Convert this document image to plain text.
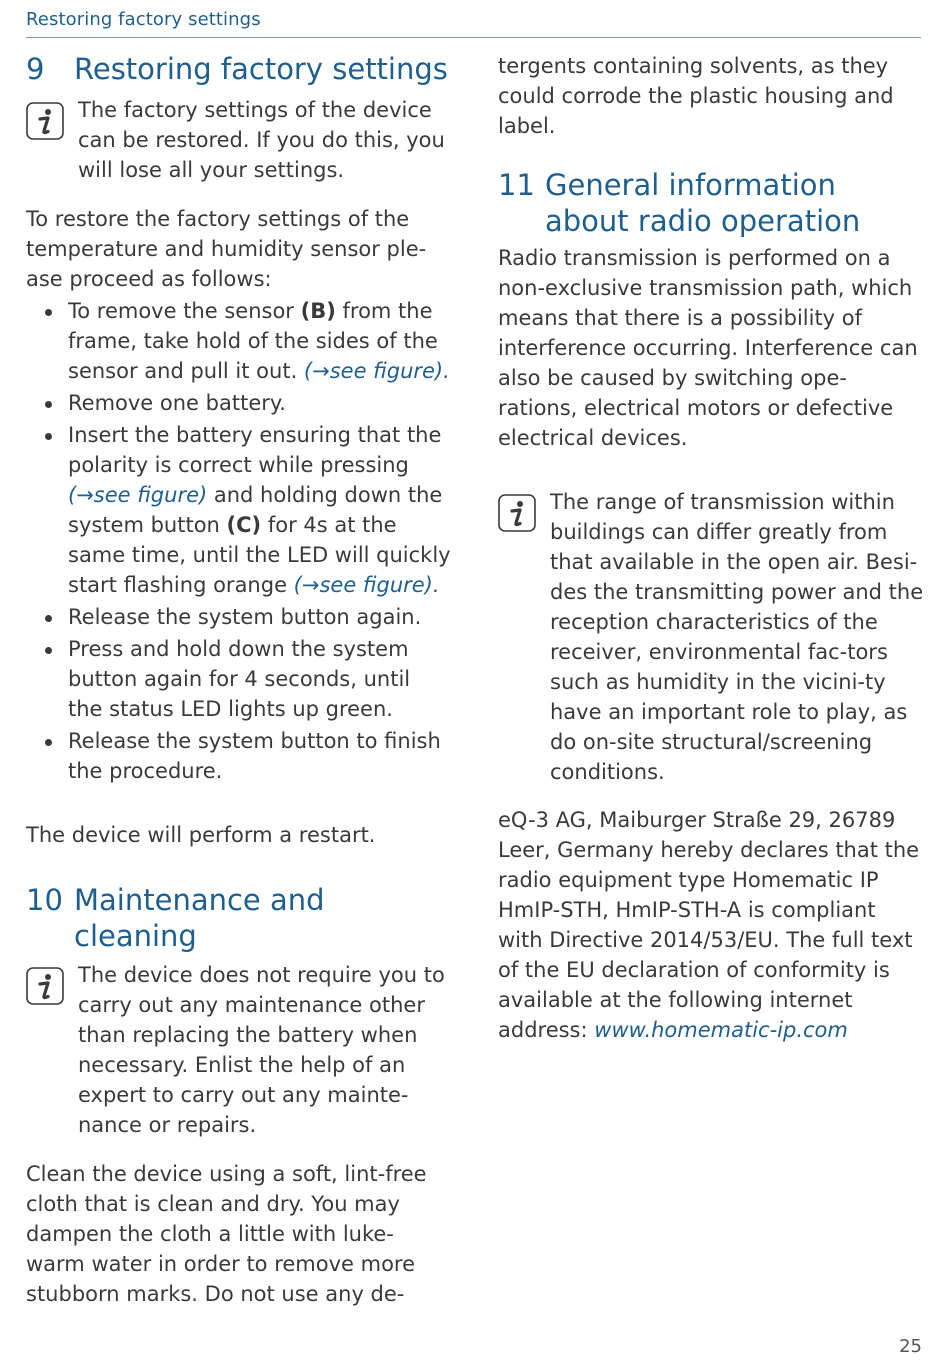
Restoring factory settings
9	Restoring factory settings

The factory settings of the device can be restored. If you do this, you will lose all your settings.

To restore the factory settings of the temperature and humidity sensor ple-ase proceed as follows:

To remove the sensor (B) from the frame, take hold of the sides of the sensor and pull it out. (→see figure).
Remove one battery.
Insert the battery ensuring that the polarity is correct while pressing (→see figure) and holding down the system button (C) for 4s at the same time, until the LED will quickly start flashing orange (→see figure).
Release the system button again.
Press and hold down the system button again for 4 seconds, until the status LED lights up green.
Release the system button to finish the procedure.

The device will perform a restart.

10 Maintenance and cleaning

The device does not require you to carry out any maintenance other than replacing the battery when necessary. Enlist the help of an expert to carry out any mainte-nance or repairs.

Clean the device using a soft, lint-free cloth that is clean and dry. You may dampen the cloth a little with luke-warm water in order to remove more stubborn marks. Do not use any de-

tergents containing solvents, as they could corrode the plastic housing and label.

11 General information about radio operation

Radio transmission is performed on a non-exclusive transmission path, which means that there is a possibility of interference occurring. Interference can also be caused by switching ope-rations, electrical motors or defective electrical devices.

The range of transmission within buildings can differ greatly from that available in the open air. Besi-des the transmitting power and the reception characteristics of the receiver, environmental fac-tors such as humidity in the vicini-ty have an important role to play, as do on-site structural/screening conditions.

eQ-3 AG, Maiburger Straße 29, 26789 Leer, Germany hereby declares that the radio equipment type Homematic IP HmIP-STH, HmIP-STH-A is compliant with Directive 2014/53/EU. The full text of the EU declaration of conformity is available at the following internet address: www.homematic-ip.com

25
